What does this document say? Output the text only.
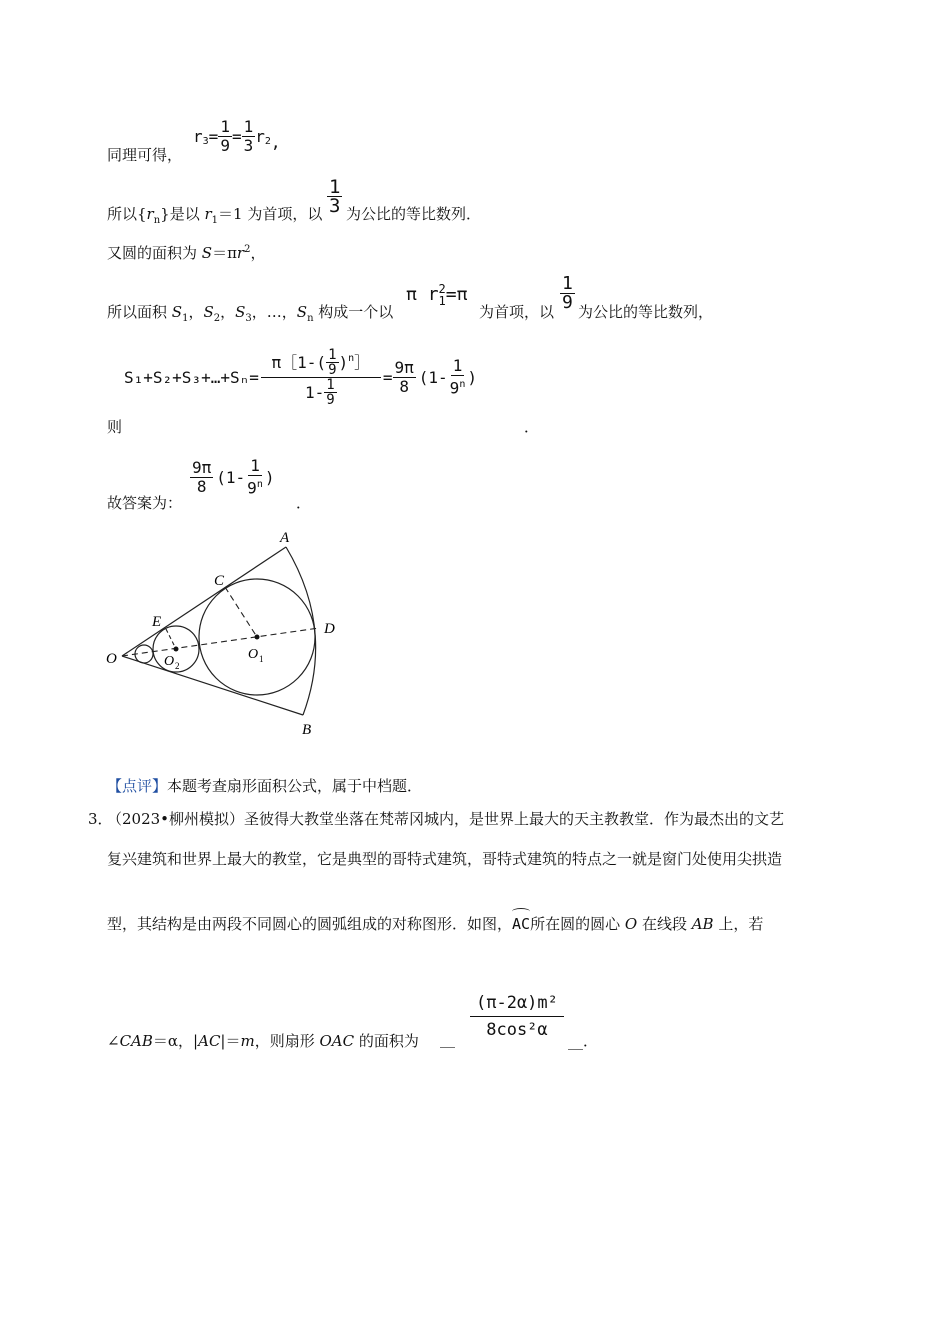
同理可得，
$r_3 = \frac{1}{9} = \frac{1}{3} r_2$ ,
所以$\{r_n\}$是以 $r_1=1$ 为首项，以 $\frac{1}{3}$ 为公比的等比数列．
又圆的面积为 $S=\pi r^2$，
所以面积 $S_1$，$S_2$，$S_3$，…，$S_n$ 构成一个以
π r 2
1 =π
为首项，以 $\frac{1}{9}$ 为公比的等比数列，
S₁+S₂+S₃+…+Sₙ= $\frac{\pi[1-( \frac{1}{9} )^n ]}{1- \frac{1}{9}} = \frac{9\pi}{8} (1- \frac{1}{9^n}$ )
则	．
故答案为：
$\frac{9\pi}{8} (1- \frac{1}{9^n}$ )
．
A
B
C
D
E
O	O 1
O 2
【点评】本题考查扇形面积公式，属于中档题．
3．
（2023•柳州模拟）圣彼得大教堂坐落在梵蒂冈城内，是世界上最大的天主教教堂．作为最杰出的文艺
复兴建筑和世界上最大的教堂，它是典型的哥特式建筑，哥特式建筑的特点之一就是窗门处使用尖拱造
型，其结构是由两段不同圆心的圆弧组成的对称图形．如图，
AC所在圆的圆心 O 在线段 AB 上，若
∠CAB＝α，|AC|＝m，则扇形 OAC 的面积为 __ $\frac{\text{(π-2α)m²}}{\text{8cos²α}}$ __．
